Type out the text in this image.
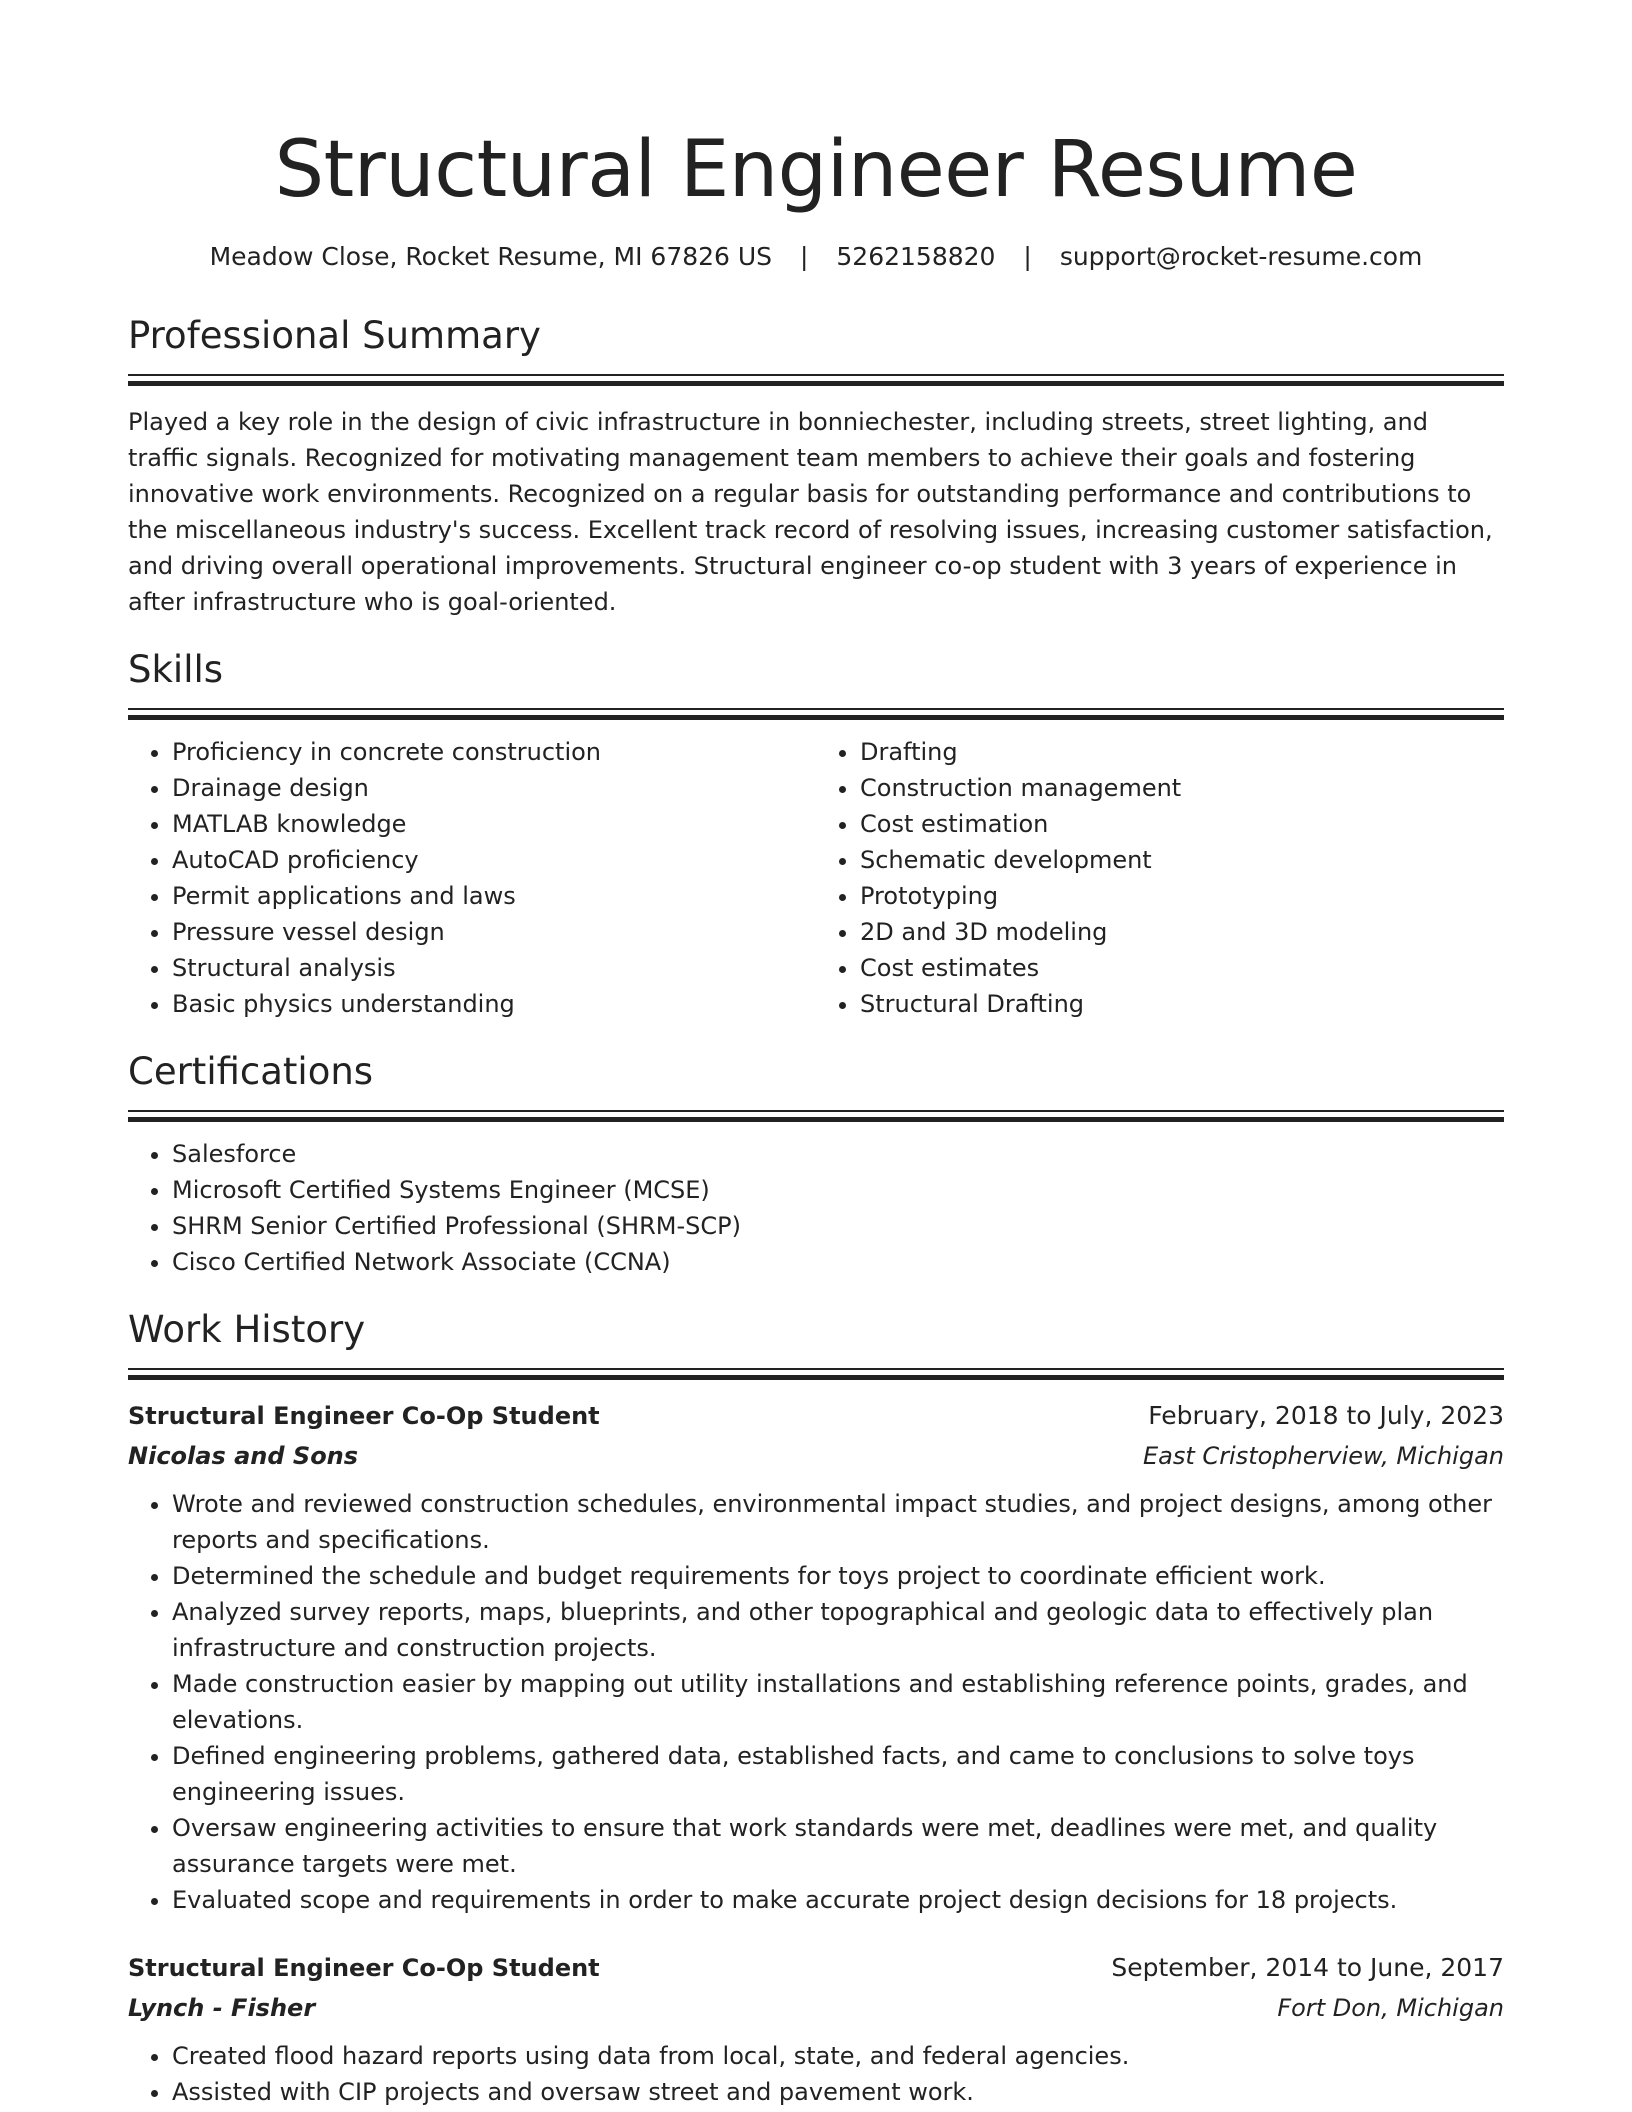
Structural Engineer Resume
Meadow Close, Rocket Resume, MI 67826 US | 5262158820 | support@rocket-resume.com
Professional Summary
Played a key role in the design of civic infrastructure in bonniechester, including streets, street lighting, and traffic signals. Recognized for motivating management team members to achieve their goals and fostering innovative work environments. Recognized on a regular basis for outstanding performance and contributions to the miscellaneous industry's success. Excellent track record of resolving issues, increasing customer satisfaction, and driving overall operational improvements. Structural engineer co-op student with 3 years of experience in after infrastructure who is goal-oriented.
Skills
• Proficiency in concrete construction
• Drainage design
• MATLAB knowledge
• AutoCAD proficiency
• Permit applications and laws
• Pressure vessel design
• Structural analysis
• Basic physics understanding
• Drafting
• Construction management
• Cost estimation
• Schematic development
• Prototyping
• 2D and 3D modeling
• Cost estimates
• Structural Drafting
Certifications
• Salesforce
• Microsoft Certified Systems Engineer (MCSE)
• SHRM Senior Certified Professional (SHRM-SCP)
• Cisco Certified Network Associate (CCNA)
Work History
Structural Engineer Co-Op Student	February, 2018 to July, 2023
Nicolas and Sons	East Cristopherview, Michigan
• Wrote and reviewed construction schedules, environmental impact studies, and project designs, among other reports and specifications.
• Determined the schedule and budget requirements for toys project to coordinate efficient work.
• Analyzed survey reports, maps, blueprints, and other topographical and geologic data to effectively plan infrastructure and construction projects.
• Made construction easier by mapping out utility installations and establishing reference points, grades, and elevations.
• Defined engineering problems, gathered data, established facts, and came to conclusions to solve toys engineering issues.
• Oversaw engineering activities to ensure that work standards were met, deadlines were met, and quality assurance targets were met.
• Evaluated scope and requirements in order to make accurate project design decisions for 18 projects.
Structural Engineer Co-Op Student	September, 2014 to June, 2017
Lynch - Fisher	Fort Don, Michigan
• Created flood hazard reports using data from local, state, and federal agencies.
• Assisted with CIP projects and oversaw street and pavement work.
